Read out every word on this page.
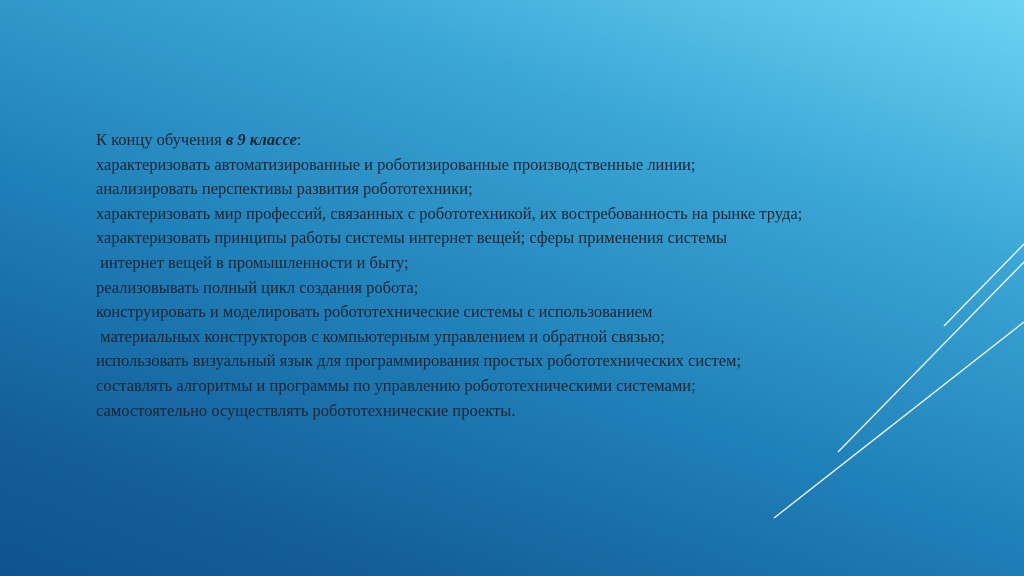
К концу обучения в 9 классе:
характеризовать автоматизированные и роботизированные производственные линии;
анализировать перспективы развития робототехники;
характеризовать мир профессий, связанных с робототехникой, их востребованность на рынке труда;
характеризовать принципы работы системы интернет вещей; сферы применения системы
интернет вещей в промышленности и быту;
реализовывать полный цикл создания робота;
конструировать и моделировать робототехнические системы с использованием
материальных конструкторов с компьютерным управлением и обратной связью;
использовать визуальный язык для программирования простых робототехнических систем;
составлять алгоритмы и программы по управлению робототехническими системами;
самостоятельно осуществлять робототехнические проекты.
